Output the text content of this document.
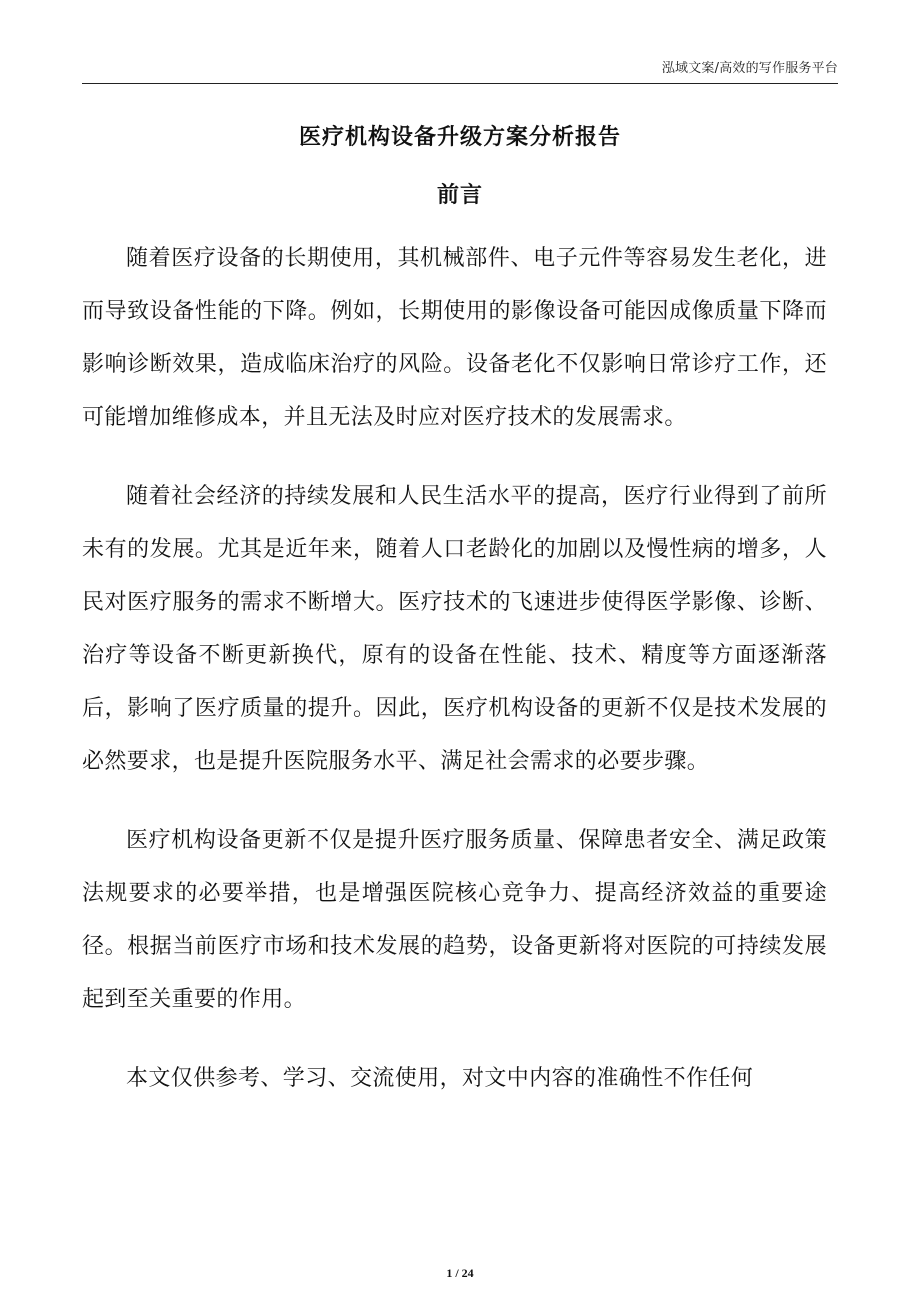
泓域文案/高效的写作服务平台
医疗机构设备升级方案分析报告
前言

随着医疗设备的长期使用，其机械部件、电子元件等容易发生老化，进而导致设备性能的下降。例如，长期使用的影像设备可能因成像质量下降而影响诊断效果，造成临床治疗的风险。设备老化不仅影响日常诊疗工作，还可能增加维修成本，并且无法及时应对医疗技术的发展需求。

随着社会经济的持续发展和人民生活水平的提高，医疗行业得到了前所未有的发展。尤其是近年来，随着人口老龄化的加剧以及慢性病的增多，人民对医疗服务的需求不断增大。医疗技术的飞速进步使得医学影像、诊断、治疗等设备不断更新换代，原有的设备在性能、技术、精度等方面逐渐落后，影响了医疗质量的提升。因此，医疗机构设备的更新不仅是技术发展的必然要求，也是提升医院服务水平、满足社会需求的必要步骤。

医疗机构设备更新不仅是提升医疗服务质量、保障患者安全、满足政策法规要求的必要举措，也是增强医院核心竞争力、提高经济效益的重要途径。根据当前医疗市场和技术发展的趋势，设备更新将对医院的可持续发展起到至关重要的作用。

本文仅供参考、学习、交流使用，对文中内容的准确性不作任何

1 / 24
